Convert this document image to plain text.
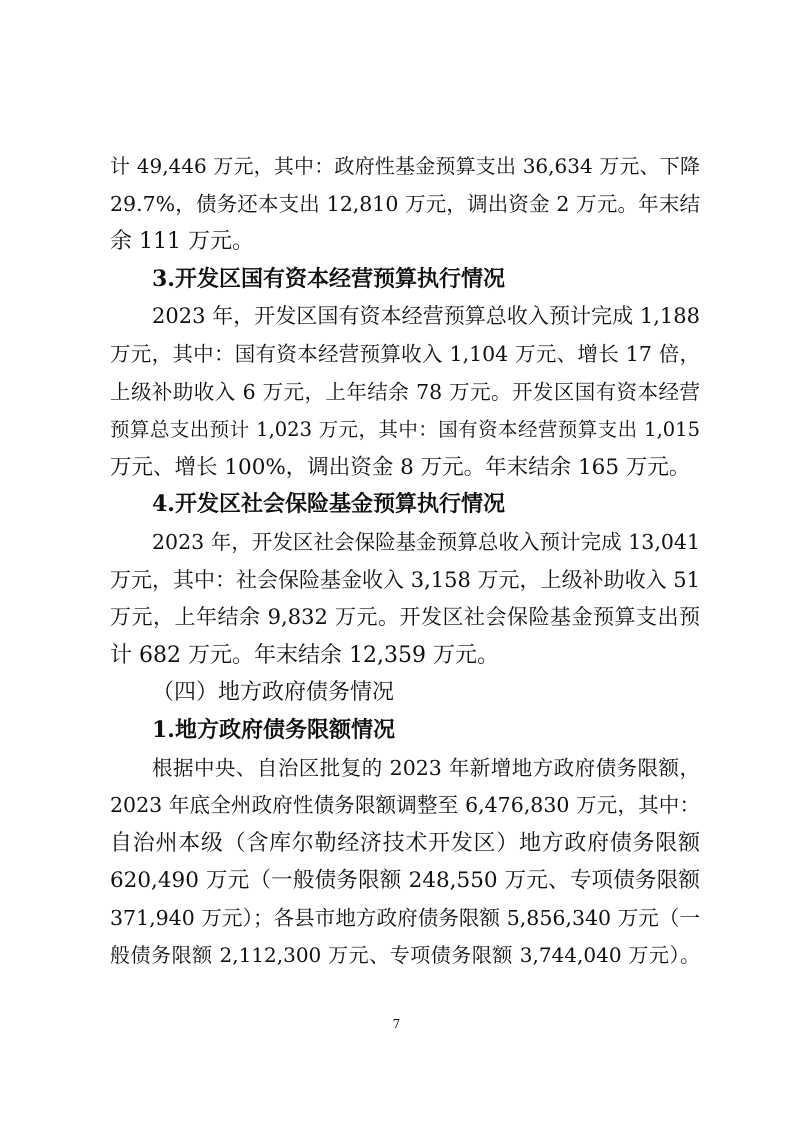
计 49,446 万元，其中：政府性基金预算支出 36,634 万元、下降
29.7%，债务还本支出 12,810 万元，调出资金 2 万元。年末结
余 111 万元。
3.开发区国有资本经营预算执行情况
2023 年，开发区国有资本经营预算总收入预计完成 1,188
万元，其中：国有资本经营预算收入 1,104 万元、增长 17 倍，
上级补助收入 6 万元，上年结余 78 万元。开发区国有资本经营
预算总支出预计 1,023 万元，其中：国有资本经营预算支出 1,015
万元、增长 100%，调出资金 8 万元。年末结余 165 万元。
4.开发区社会保险基金预算执行情况
2023 年，开发区社会保险基金预算总收入预计完成 13,041
万元，其中：社会保险基金收入 3,158 万元，上级补助收入 51
万元，上年结余 9,832 万元。开发区社会保险基金预算支出预
计 682 万元。年末结余 12,359 万元。
（四）地方政府债务情况
1.地方政府债务限额情况
根据中央、自治区批复的 2023 年新增地方政府债务限额，
2023 年底全州政府性债务限额调整至 6,476,830 万元，其中：
自治州本级（含库尔勒经济技术开发区）地方政府债务限额
620,490 万元（一般债务限额 248,550 万元、专项债务限额
371,940 万元）；各县市地方政府债务限额 5,856,340 万元（一
般债务限额 2,112,300 万元、专项债务限额 3,744,040 万元）。
7
